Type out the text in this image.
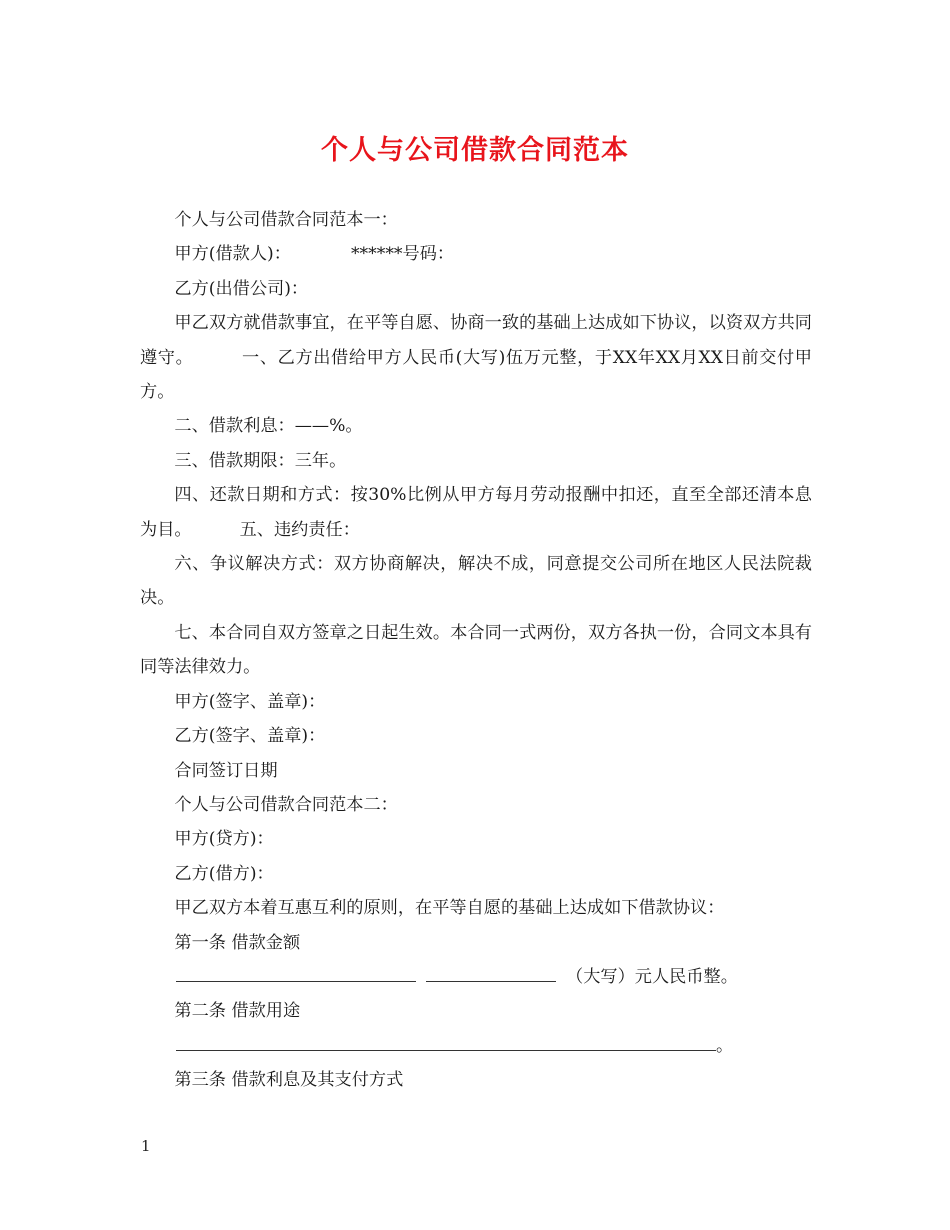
个人与公司借款合同范本

个人与公司借款合同范本一：

甲方(借款人)：	******号码：

乙方(出借公司)：

甲乙双方就借款事宜，在平等自愿、协商一致的基础上达成如下协议，以资双方共同遵守。	一、乙方出借给甲方人民币(大写)伍万元整，于XX年XX月XX日前交付甲方。

二、借款利息：——%。

三、借款期限：三年。

四、还款日期和方式：按30%比例从甲方每月劳动报酬中扣还，直至全部还清本息为目。	五、违约责任：

六、争议解决方式：双方协商解决，解决不成，同意提交公司所在地区人民法院裁决。

七、本合同自双方签章之日起生效。本合同一式两份，双方各执一份，合同文本具有同等法律效力。

甲方(签字、盖章)：

乙方(签字、盖章)：

合同签订日期

个人与公司借款合同范本二：

甲方(贷方)：

乙方(借方)：

甲乙双方本着互惠互利的原则，在平等自愿的基础上达成如下借款协议：

第一条 借款金额

（大写）元人民币整。

第二条 借款用途

。

第三条 借款利息及其支付方式

1
